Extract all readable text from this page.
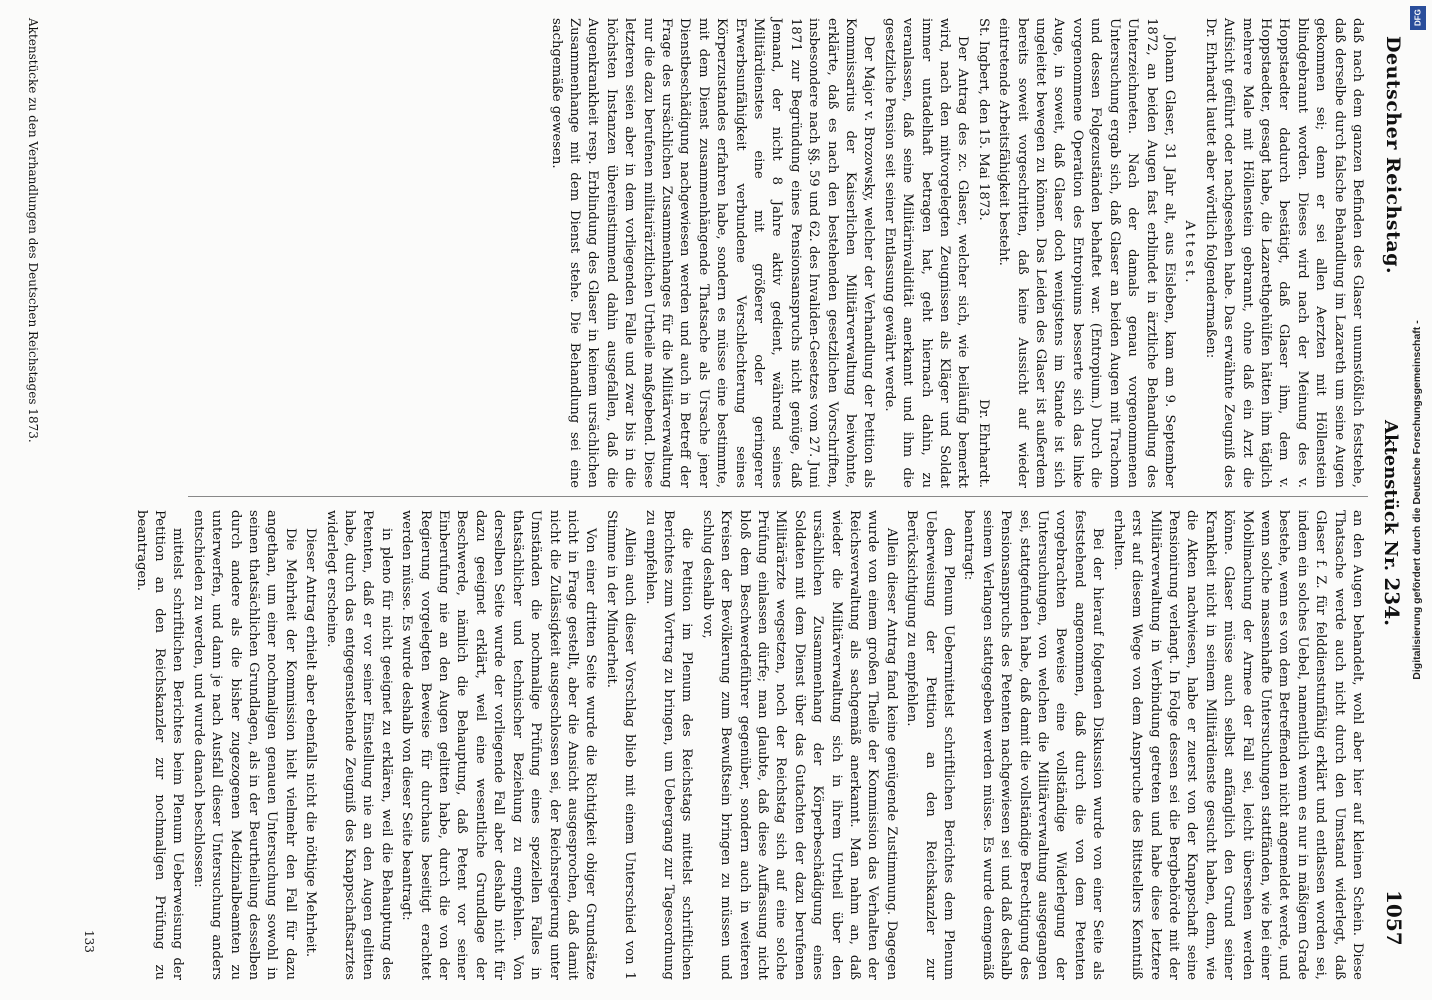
Deutscher Reichstag.
Aktenstück Nr. 234.
1057

daß nach dem ganzen Befinden des Glaser unumstößlich feststehe, daß derselbe durch falsche Behandlung im Lazareth um seine Augen gekommen sei; denn er sei allen Aerzten mit Höllenstein blindgebrannt worden. Dieses wird nach der Meinung des v. Hoppstaedter dadurch bestätigt, daß Glaser ihm, dem v. Hoppstaedter, gesagt habe, die Lazarethgehülfen hätten ihm täglich mehrere Male mit Höllenstein gebrannt, ohne daß ein Arzt die Aufsicht geführt oder nachgesehen habe. Das erwähnte Zeugniß des Dr. Ehrhardt lautet aber wörtlich folgendermaßen:

Attest.

Johann Glaser, 31 Jahr alt, aus Eisleben, kam am 9. September 1872, an beiden Augen fast erblindet in ärztliche Behandlung des Unterzeichneten. Nach der damals genau vorgenommenen Untersuchung ergab sich, daß Glaser an beiden Augen mit Trachom und dessen Folgezuständen behaftet war. (Entropium.) Durch die vorgenommene Operation des Entropiums besserte sich das linke Auge, in soweit, daß Glaser doch wenigstens im Stande ist sich ungeleitet bewegen zu können. Das Leiden des Glaser ist außerdem bereits soweit vorgeschritten, daß keine Aussicht auf wieder eintretende Arbeitsfähigkeit besteht.

St. Ingbert, den 15. Mai 1873.
Dr. Ehrhardt.

Der Antrag des zc. Glaser, welcher sich, wie beiläufig bemerkt wird, nach den mitvorgelegten Zeugnissen als Kläger und Soldat immer untadelhaft betragen hat, geht hiernach dahin, zu veranlassen, daß seine Militärinvalidität anerkannt und ihm die gesetzliche Pension seit seiner Entlassung gewährt werde.

Der Major v. Brozowsky, welcher der Verhandlung der Petition als Kommissarius der Kaiserlichen Militärverwaltung beiwohnte, erklärte, daß es nach den bestehenden gesetzlichen Vorschriften, insbesondere nach §§. 59 und 62. des Invaliden-Gesetzes vom 27. Juni 1871 zur Begründung eines Pensionsanspruchs nicht genüge, daß Jemand, der nicht 8 Jahre aktiv gedient, während seines Militärdienstes eine mit größerer oder geringerer Erwerbsunfähigkeit verbundene Verschlechterung seines Körperzustandes erfahren habe, sondern es müsse eine bestimmte, mit dem Dienst zusammenhängende Thatsache als Ursache jener Dienstbeschädigung nachgewiesen werden und auch in Betreff der Frage des ursächlichen Zusammenhanges für die Militärverwaltung nur die dazu berufenen militairärztlichen Urtheile maßgebend. Diese letzteren seien aber in dem vorliegenden Falle und zwar bis in die höchsten Instanzen übereinstimmend dahin ausgefallen, daß die Augenkrankheit resp. Erblindung des Glaser in keinem ursächlichen Zusammenhange mit dem Dienst stehe. Die Behandlung sei eine sachgemäße gewesen.

an den Augen behandelt, wohl aber hier auf kleinen Schein. Diese Thatsache werde auch nicht durch den Umstand widerlegt, daß Glaser f. Z. für felddienstunfähig erklärt und entlassen worden sei, indem ein solches Uebel, namentlich wenn es nur in mäßigem Grade bestehe, wenn es von dem Betreffenden nicht angemeldet werde, und wenn solche massenhafte Untersuchungen stattfänden, wie bei einer Mobilmachung der Armee der Fall sei, leicht übersehen werden könne. Glaser müsse auch selbst anfänglich den Grund seiner Krankheit nicht in seinem Militärdienste gesucht haben, denn, wie die Akten nachwiesen, habe er zuerst von der Knappschaft seine Pensionirung verlangt. In Folge dessen sei die Bergbehörde mit der Militärverwaltung in Verbindung getreten und habe diese letztere erst auf diesem Wege von dem Anspruche des Bittstellers Kenntniß erhalten.

Bei der hierauf folgenden Diskussion wurde von einer Seite als feststehend angenommen, daß durch die von dem Petenten vorgebrachten Beweise eine vollständige Widerlegung der Untersuchungen, von welchen die Militärverwaltung ausgegangen sei, stattgefunden habe, daß damit die vollständige Berechtigung des Pensionsanspruchs des Petenten nachgewiesen sei und daß deshalb seinem Verlangen stattgegeben werden müsse. Es wurde demgemäß beantragt:

dem Plenum Uebermittelst schriftlichen Berichtes dem Plenum Ueberweisung der Petition an den Reichskanzler zur Berücksichtigung zu empfehlen.

Allein dieser Antrag fand keine genügende Zustimmung. Dagegen wurde von einem großen Theile der Kommission das Verhalten der Reichsverwaltung als sachgemäß anerkannt. Man nahm an, daß wieder die Militärverwaltung sich in ihrem Urtheil über den ursächlichen Zusammenhang der Körperbeschädigung eines Soldaten mit dem Dienst über das Gutachten der dazu berufenen Militärärzte wegsetzen, noch der Reichstag sich auf eine solche Prüfung einlassen dürfe; man glaubte, daß diese Auffassung nicht bloß dem Beschwerdeführer gegenüber, sondern auch in weiteren Kreisen der Bevölkerung zum Bewußtsein bringen zu müssen und schlug deshalb vor,

die Petition im Plenum des Reichstags mittelst schriftlichen Berichtes zum Vortrag zu bringen, um Uebergang zur Tagesordnung zu empfehlen.

Allein auch dieser Vorschlag blieb mit einem Unterschied von 1 Stimme in der Minderheit.

Von einer dritten Seite wurde die Richtigkeit obiger Grundsätze nicht in Frage gestellt, aber die Ansicht ausgesprochen, daß damit nicht die Zulässigkeit ausgeschlossen sei, der Reichsregierung unter Umständen die nochmalige Prüfung eines speziellen Falles in thatsächlicher und technischer Beziehung zu empfehlen. Von derselben Seite wurde der vorliegende Fall aber deshalb nicht für dazu geeignet erklärt, weil eine wesentliche Grundlage der Beschwerde, nämlich die Behauptung, daß Petent vor seiner Einberufung nie an den Augen gelitten habe, durch die von der Regierung vorgelegten Beweise für durchaus beseitigt erachtet werden müsse. Es wurde deshalb von dieser Seite beantragt:

in pleno für nicht geeignet zu erklären, weil die Behauptung des Petenten, daß er vor seiner Einstellung nie an den Augen gelitten habe, durch das entgegenstehende Zeugniß des Knappschaftsarztes widerlegt erscheine.

Dieser Antrag erhielt aber ebenfalls nicht die nöthige Mehrheit.

Die Mehrheit der Kommission hielt vielmehr den Fall für dazu angethan, um einer nochmaligen genauen Untersuchung sowohl in seinen thatsächlichen Grundlagen, als in der Beurtheilung desselben durch andere als die bisher zugezogenen Medizinalbeamten zu unterwerfen, und dann je nach Ausfall dieser Untersuchung anders entschieden zu werden, und wurde danach beschlossen:

mittelst schriftlichen Berichtes beim Plenum Ueberweisung der Petition an den Reichskanzler zur nochmaligen Prüfung zu beantragen.

133
Aktenstücke zu den Verhandlungen des Deutschen Reichstages 1873.	DFG
Digitalisierung gefördert durch die Deutsche Forschungsgemeinschaft -
